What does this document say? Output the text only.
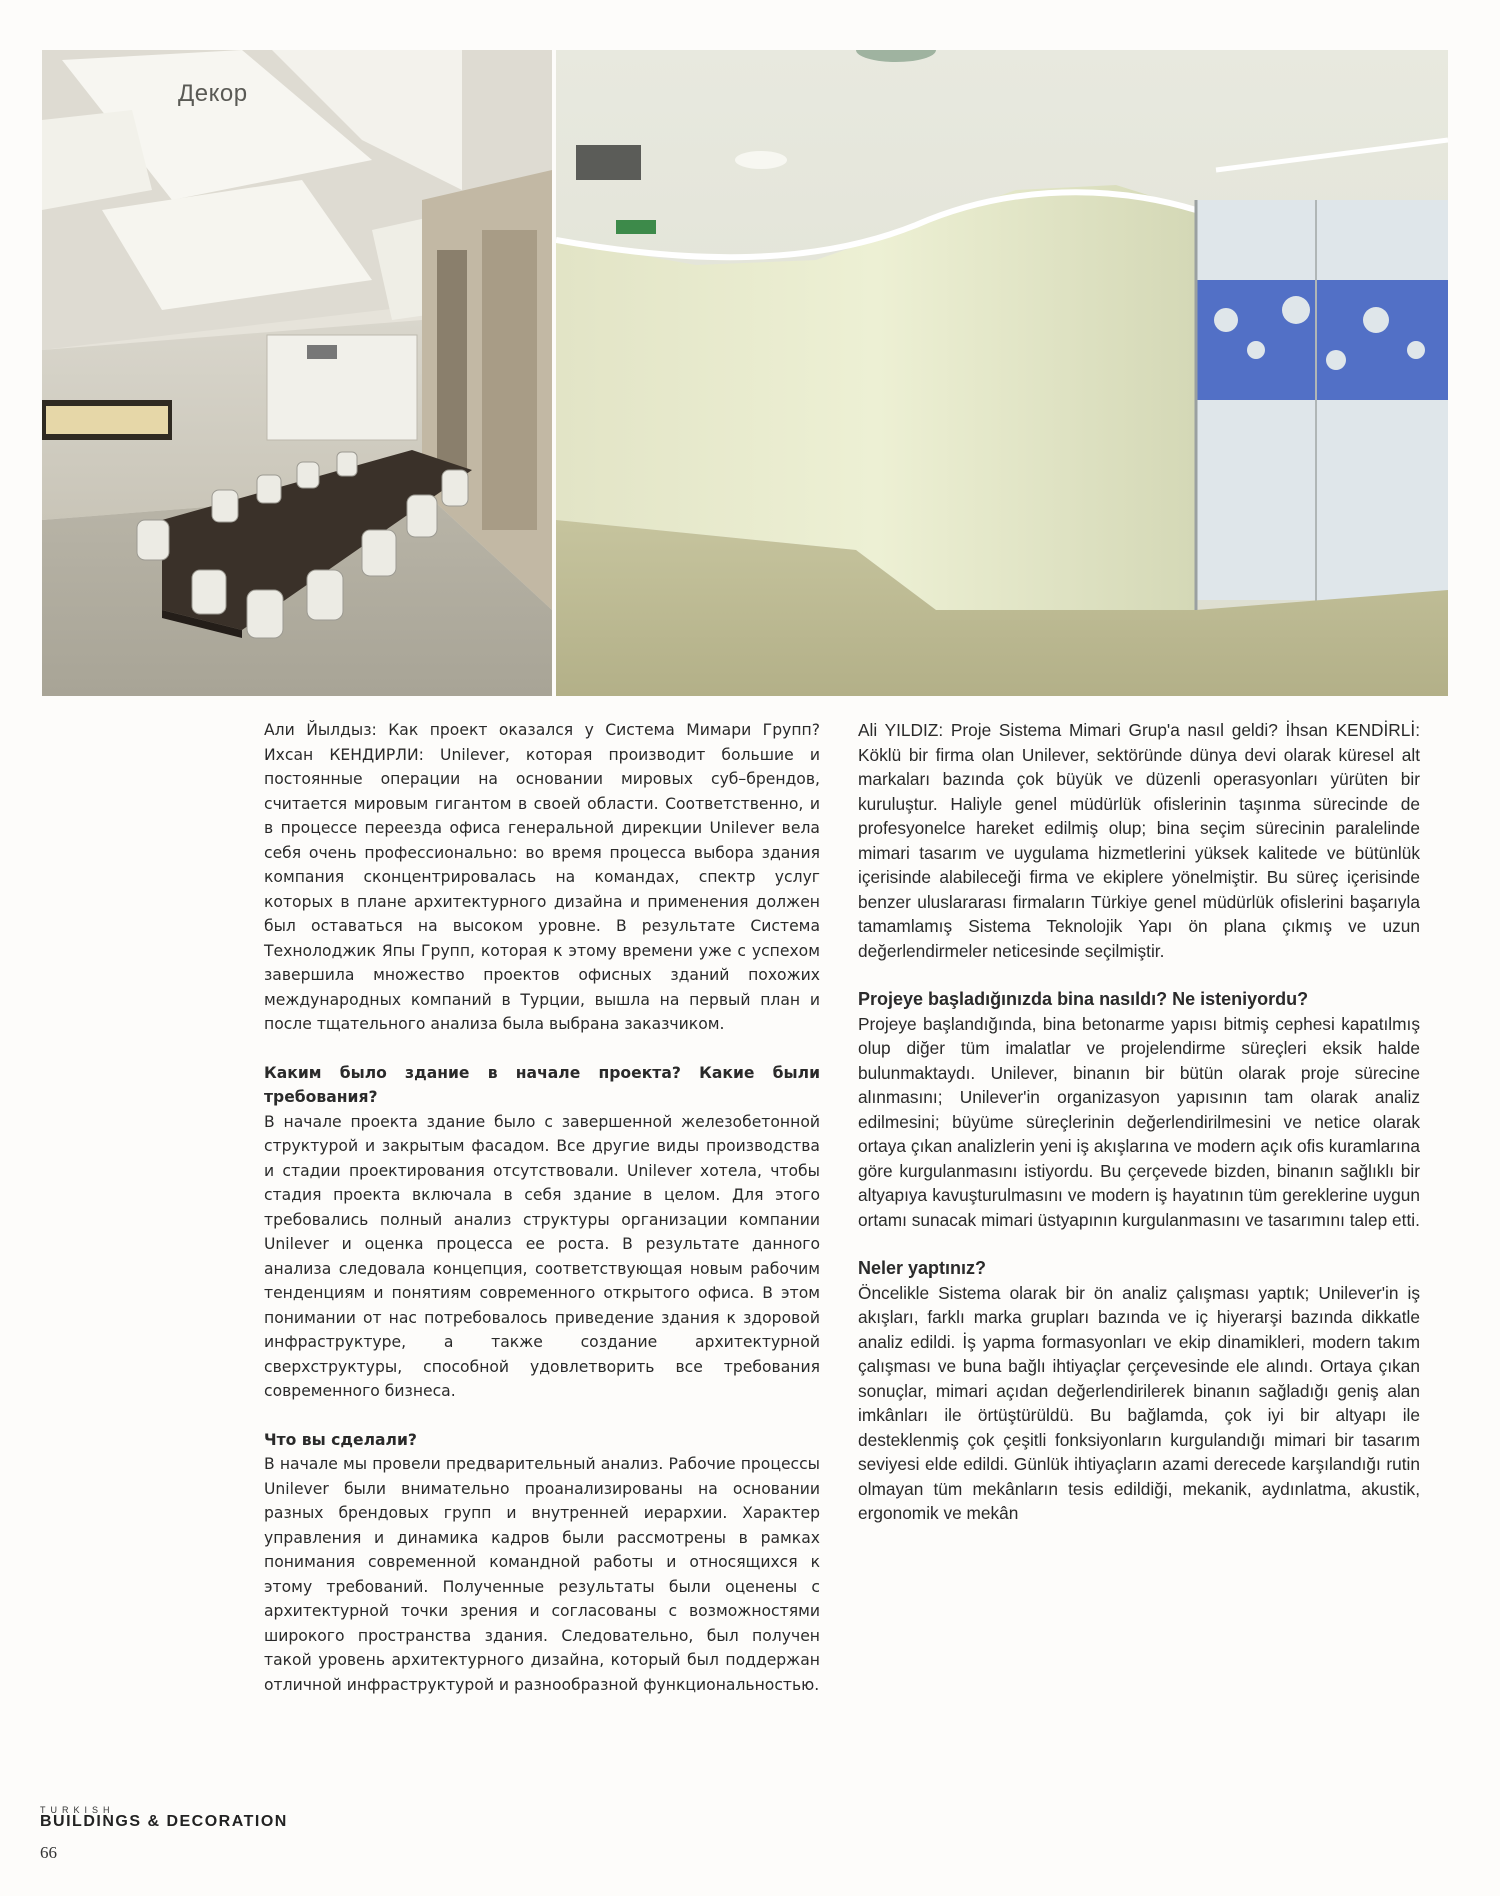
Декор

Али Йылдыз: Как проект оказался у Система Мимари Групп? Ихсан КЕНДИРЛИ: Unilever, которая производит большие и постоянные операции на основании мировых суб–брендов, считается мировым гигантом в своей области. Соответственно, и в процессе переезда офиса генеральной дирекции Unilever вела себя очень профессионально: во время процесса выбора здания компания сконцентрировалась на командах, спектр услуг которых в плане архитектурного дизайна и применения должен был оставаться на высоком уровне. В результате Система Технолоджик Япы Групп, которая к этому времени уже с успехом завершила множество проектов офисных зданий похожих международных компаний в Турции, вышла на первый план и после тщательного анализа была выбрана заказчиком.

Каким было здание в начале проекта? Какие были требования?

В начале проекта здание было с завершенной железобетонной структурой и закрытым фасадом. Все другие виды производства и стадии проектирования отсутствовали. Unilever хотела, чтобы стадия проекта включала в себя здание в целом. Для этого требовались полный анализ структуры организации компании Unilever и оценка процесса ее роста. В результате данного анализа следовала концепция, соответствующая новым рабочим тенденциям и понятиям современного открытого офиса. В этом понимании от нас потребовалось приведение здания к здоровой инфраструктуре, а также создание архитектурной сверхструктуры, способной удовлетворить все требования современного бизнеса.

Что вы сделали?

В начале мы провели предварительный анализ. Рабочие процессы Unilever были внимательно проанализированы на основании разных брендовых групп и внутренней иерархии. Характер управления и динамика кадров были рассмотрены в рамках понимания современной командной работы и относящихся к этому требований. Полученные результаты были оценены с архитектурной точки зрения и согласованы с возможностями широкого пространства здания. Следовательно, был получен такой уровень архитектурного дизайна, который был поддержан отличной инфраструктурой и разнообразной функциональностью.

Ali YILDIZ: Proje Sistema Mimari Grup'a nasıl geldi? İhsan KENDİRLİ: Köklü bir firma olan Unilever, sektöründe dünya devi olarak küresel alt markaları bazında çok büyük ve düzenli operasyonları yürüten bir kuruluştur. Haliyle genel müdürlük ofislerinin taşınma sürecinde de profesyonelce hareket edilmiş olup; bina seçim sürecinin paralelinde mimari tasarım ve uygulama hizmetlerini yüksek kalitede ve bütünlük içerisinde alabileceği firma ve ekiplere yönelmiştir. Bu süreç içerisinde benzer uluslararası firmaların Türkiye genel müdürlük ofislerini başarıyla tamamlamış Sistema Teknolojik Yapı ön plana çıkmış ve uzun değerlendirmeler neticesinde seçilmiştir.

Projeye başladığınızda bina nasıldı? Ne isteniyordu?

Projeye başlandığında, bina betonarme yapısı bitmiş cephesi kapatılmış olup diğer tüm imalatlar ve projelendirme süreçleri eksik halde bulunmaktaydı. Unilever, binanın bir bütün olarak proje sürecine alınmasını; Unilever'in organizasyon yapısının tam olarak analiz edilmesini; büyüme süreçlerinin değerlendirilmesini ve netice olarak ortaya çıkan analizlerin yeni iş akışlarına ve modern açık ofis kuramlarına göre kurgulanmasını istiyordu. Bu çerçevede bizden, binanın sağlıklı bir altyapıya kavuşturulmasını ve modern iş hayatının tüm gereklerine uygun ortamı sunacak mimari üstyapının kurgulanmasını ve tasarımını talep etti.

Neler yaptınız?

Öncelikle Sistema olarak bir ön analiz çalışması yaptık; Unilever'in iş akışları, farklı marka grupları bazında ve iç hiyerarşi bazında dikkatle analiz edildi. İş yapma formasyonları ve ekip dinamikleri, modern takım çalışması ve buna bağlı ihtiyaçlar çerçevesinde ele alındı. Ortaya çıkan sonuçlar, mimari açıdan değerlendirilerek binanın sağladığı geniş alan imkânları ile örtüştürüldü. Bu bağlamda, çok iyi bir altyapı ile desteklenmiş çok çeşitli fonksiyonların kurgulandığı mimari bir tasarım seviyesi elde edildi. Günlük ihtiyaçların azami derecede karşılandığı rutin olmayan tüm mekânların tesis edildiği, mekanik, aydınlatma, akustik, ergonomik ve mekân

TURKISH
BUILDINGS & DECORATION
66
